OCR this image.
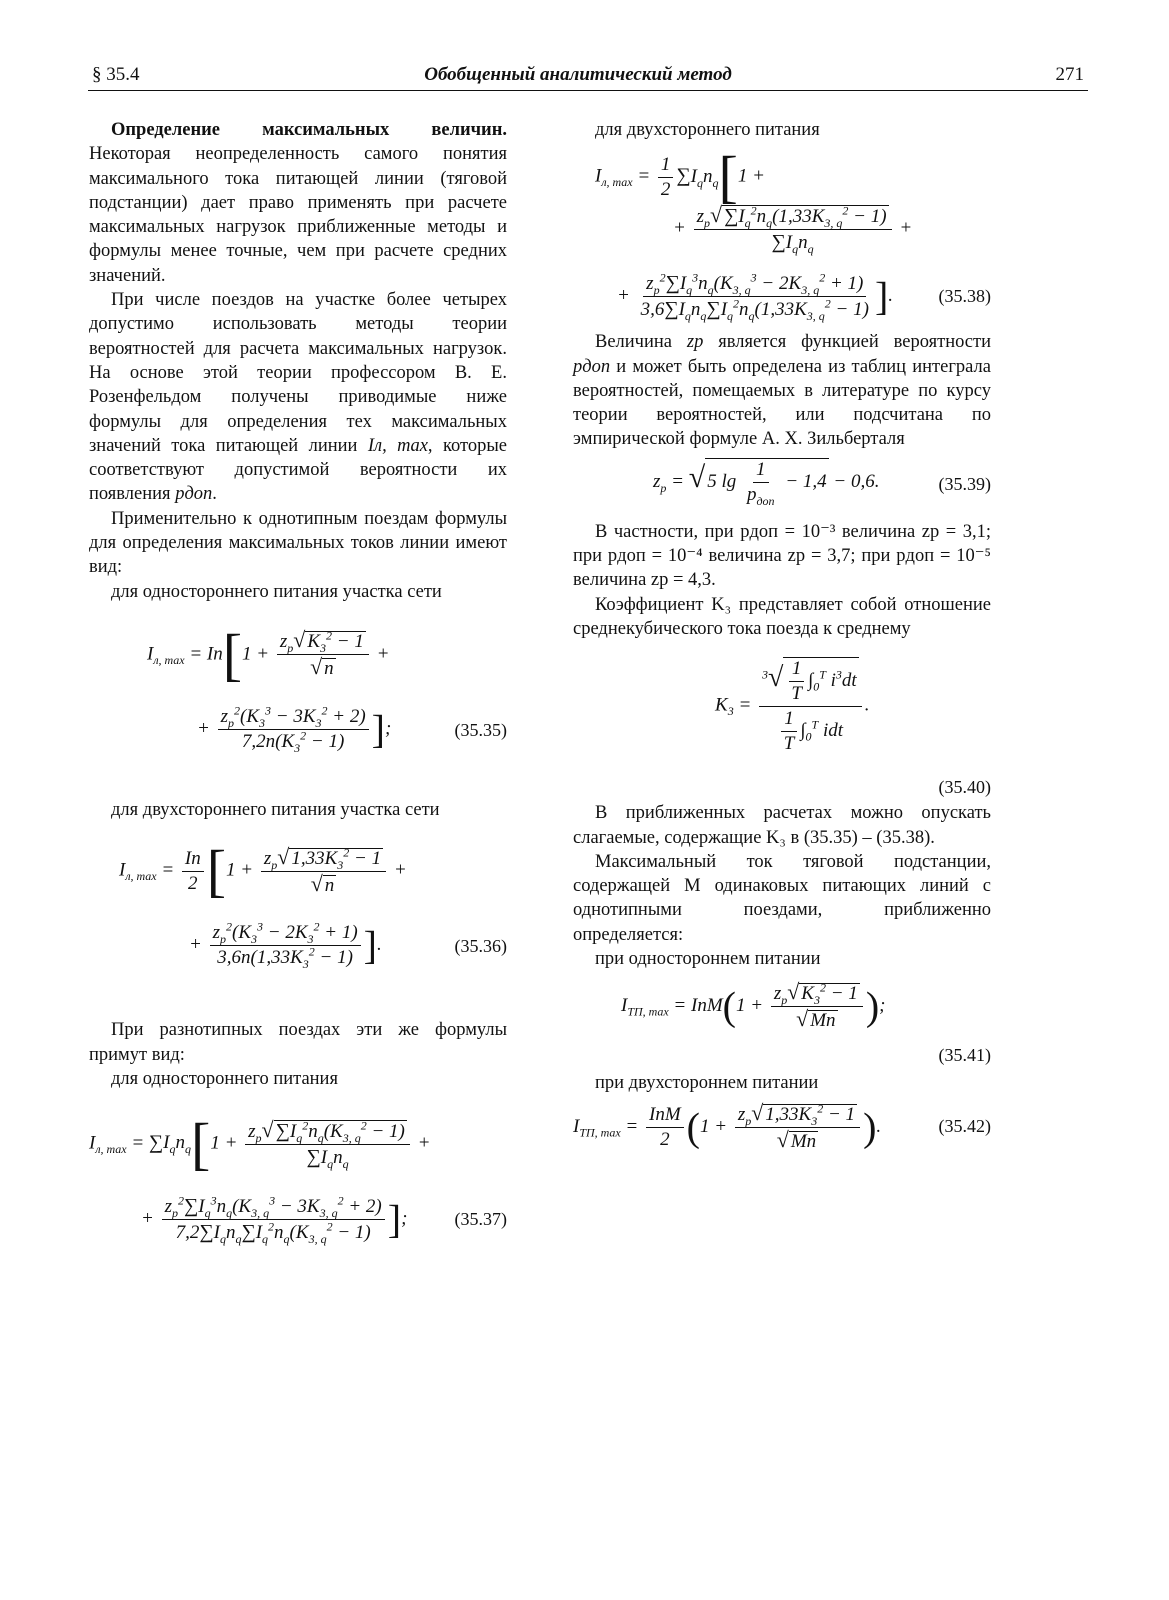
§ 35.4	Обобщенный аналитический метод	271

Определение максимальных величин. Некоторая неопределенность самого понятия максимального тока питающей линии (тяговой подстанции) дает право применять при расчете максимальных нагрузок приближенные методы и формулы менее точные, чем при расчете средних значений.

При числе поездов на участке более четырех допустимо использовать методы теории вероятностей для расчета максимальных нагрузок. На основе этой теории профессором В. Е. Розенфельдом получены приводимые ниже формулы для определения тех максимальных значений тока питающей линии Iл, max, которые соответствуют допустимой вероятности их появления pдоп.

Применительно к однотипным поездам формулы для определения максимальных токов линии имеют вид:

для одностороннего питания участка сети

$I_{л, max} = In[1 + \frac{z_p√ K_3^2 - 1}{√ n}$ +
+ $\frac{z_p^2(K_3^3 - 3K_3^2 + 2)}{7,2n(K_3^2 - 1)}$ ];	(35.35)

для двухстороннего питания участка сети

$I_{л, max} = \frac{In}{2} [1 + \frac{z_p√ 1,33K_3^2 - 1}{√ n}$ +
+ $\frac{z_p^2(K_3^3 - 2K_3^2 + 1)}{3,6n(1,33K_3^2 - 1)}$ ].	(35.36)

При разнотипных поездах эти же формулы примут вид:

для одностороннего питания

$I_{л, max} = \sum I_qn_q[1 + \frac{z_p√ \sum I_q^2n_q(K_{3, q}^2 - 1)}{\sum I_qn_q}$ +
+ $\frac{z_p^2\sum I_q^3n_q(K_{3, q}^3 - 3K_{3, q}^2 + 2)}{7,2\sum I_qn_q\sum I_q^2n_q(K_{3, q}^2 - 1)}$ ];	(35.37)

для двухстороннего питания

$I_{л, max} = \frac{1}{2} \sum I_qn_q[1$ +
+ $\frac{z_p√ \sum I_q^2n_q(1,33K_{3, q}^2 - 1)}{\sum I_qn_q}$ +
+ $\frac{z_p^2\sum I_q^3n_q(K_{3, q}^3 - 2K_{3, q}^2 + 1)}{3,6\sum I_qn_q\sum I_q^2n_q(1,33K_{3, q}^2 - 1)}$ ].	(35.38)

Величина zp является функцией вероятности pдоп и может быть определена из таблиц интеграла вероятностей, помещаемых в литературе по курсу теории вероятностей, или подсчитана по эмпирической формуле А. Х. Зильберталя

$z_p$ = √ 5 $\lg \frac{1}{p_{доп}} - 1,4 - 0,6$.	(35.39)

В частности, при pдоп = 10⁻³ величина zp = 3,1; при pдоп = 10⁻⁴ величина zp = 3,7; при pдоп = 10⁻⁵ величина zp = 4,3.

Коэффициент K₃ представляет собой отношение среднекубического тока поезда к среднему

$K_3 = \frac{^3√ \frac{1}{T} \int_0^T i^3dt}{\frac{1}{T} \int_0^T idt}$ .
(35.40)

В приближенных расчетах можно опускать слагаемые, содержащие K₃ в (35.35) – (35.38).

Максимальный ток тяговой подстанции, содержащей M одинаковых питающих линий с однотипными поездами, приближенно определяется:

при одностороннем питании

$I_{ТП, max} = InM(1 + \frac{z_p√ K_3^2 - 1}{√ Mn}$ );
(35.41)

при двухстороннем питании

$I_{ТП, max} = \frac{\text{InM}}{2} (1 + \frac{z_p√ 1,33K_3^2 - 1}{√ Mn}$ ).	(35.42)
